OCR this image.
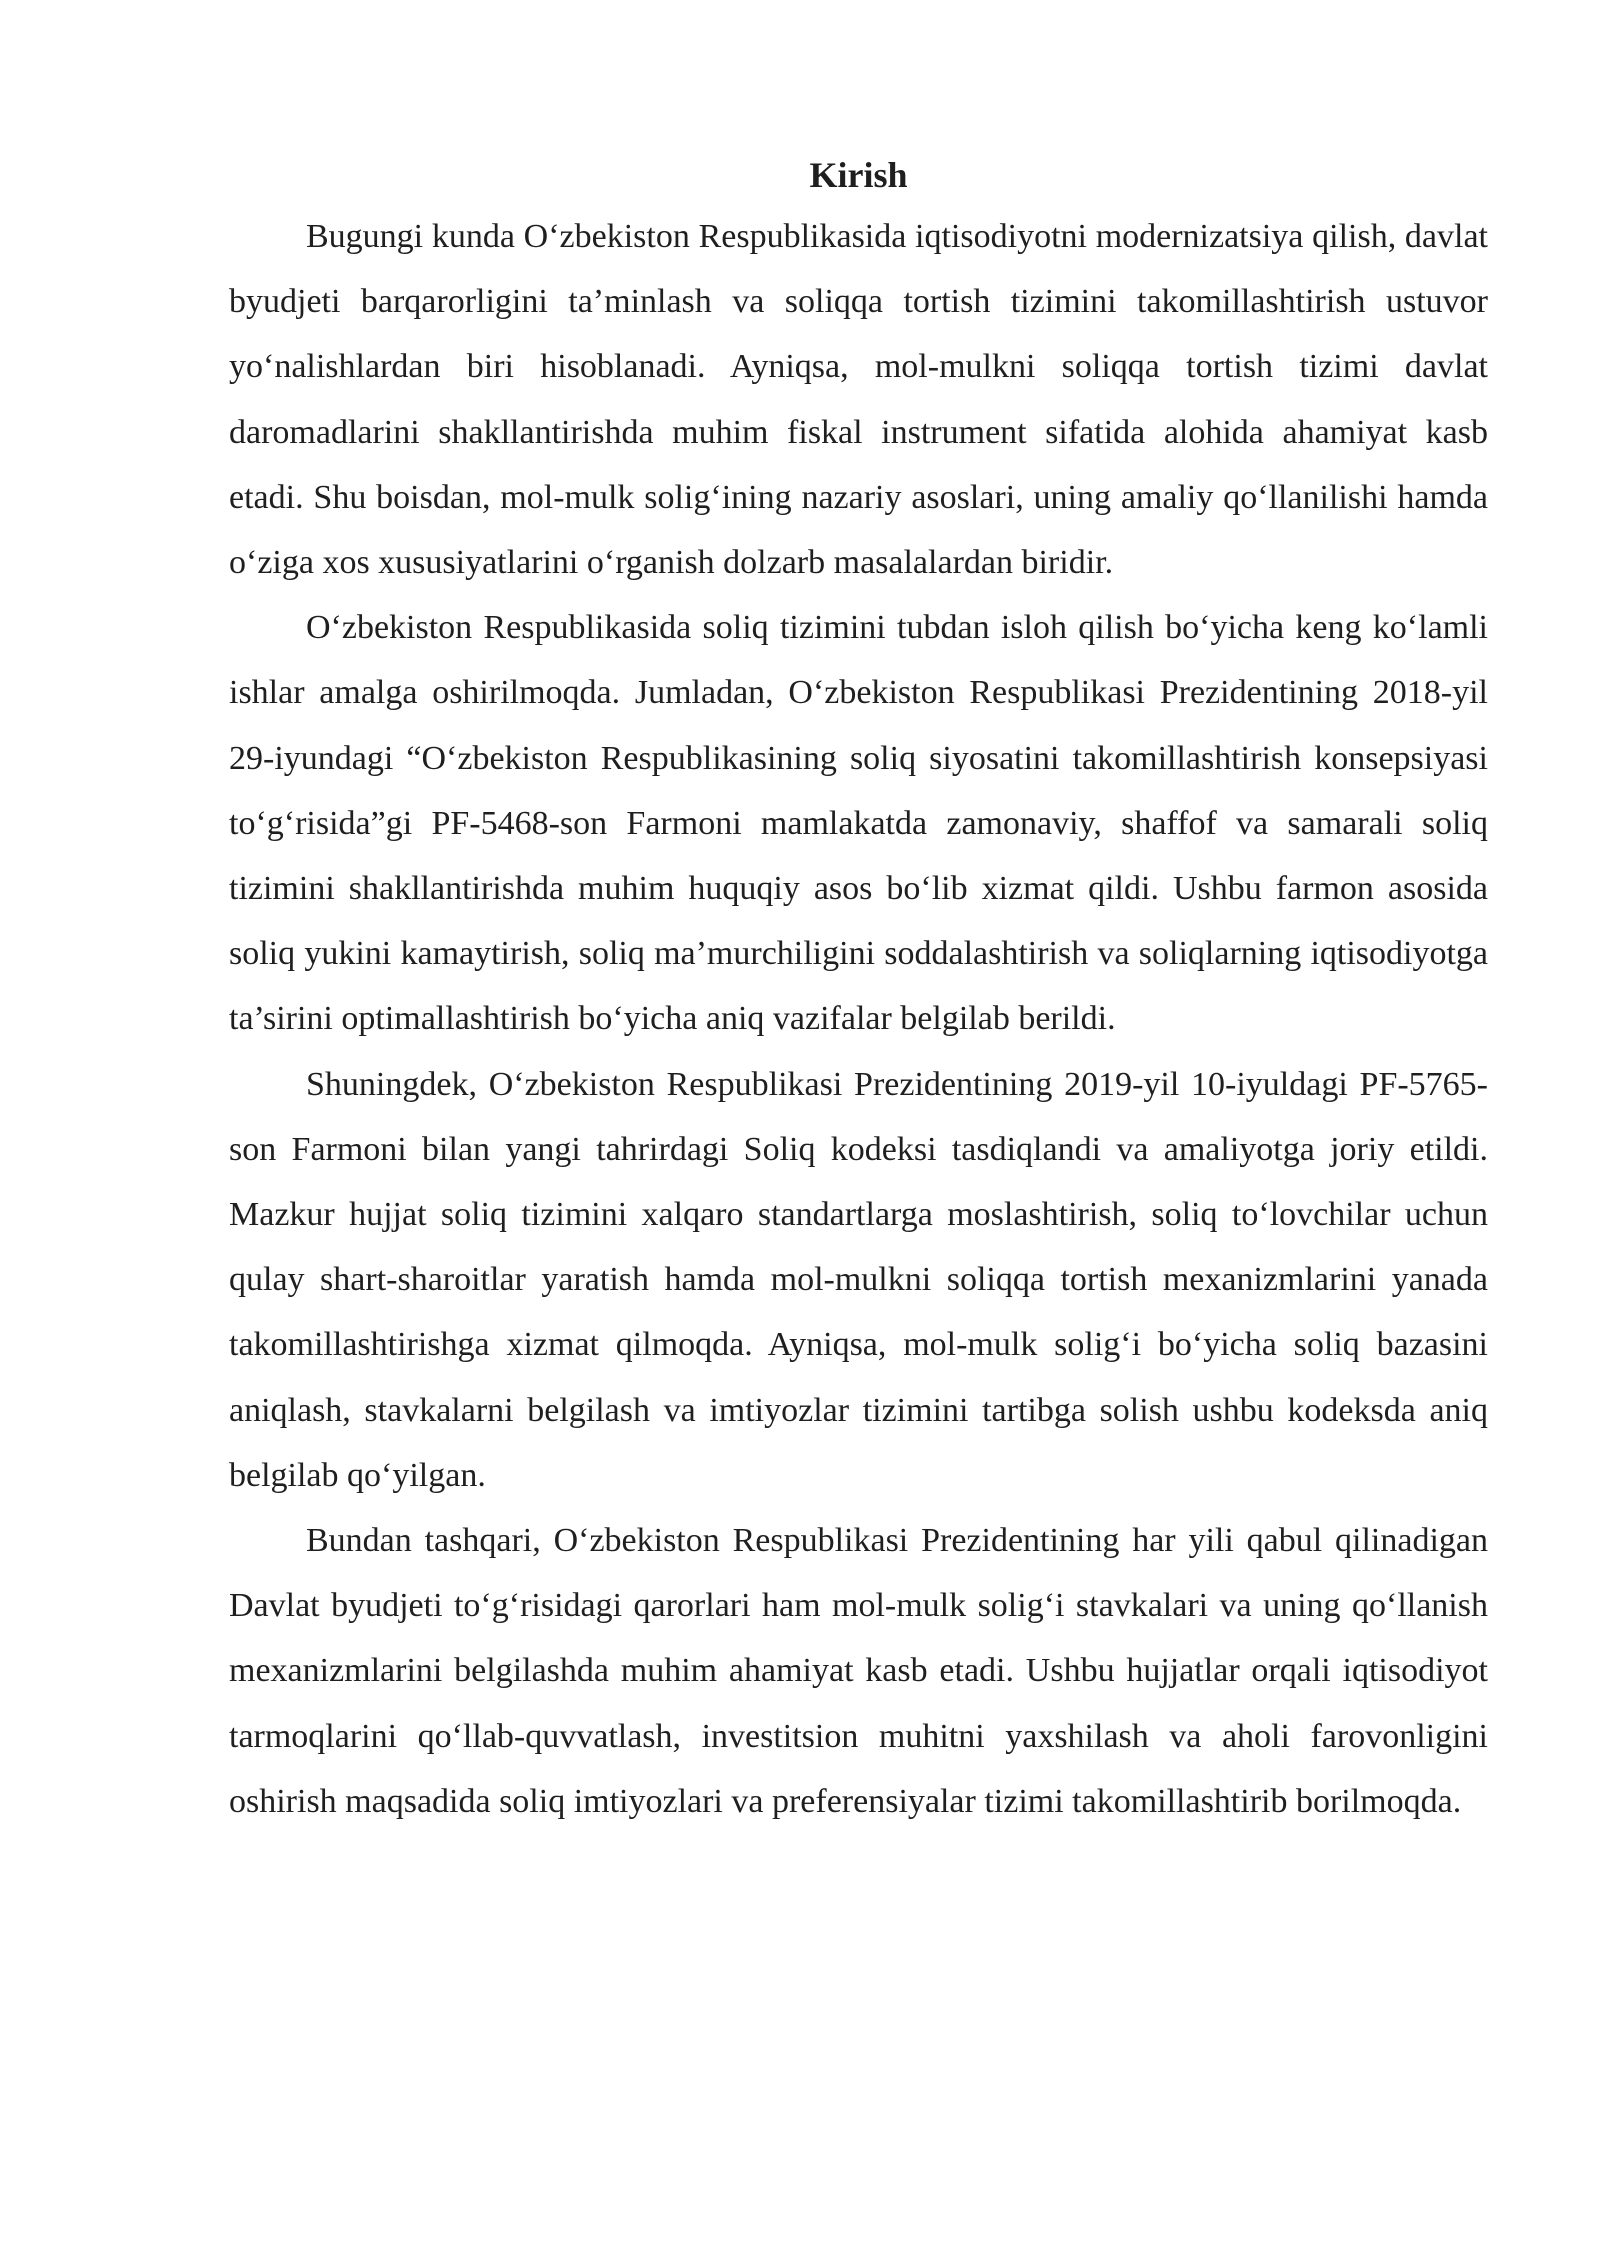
Kirish

Bugungi kunda O‘zbekiston Respublikasida iqtisodiyotni modernizatsiya qilish, davlat byudjeti barqarorligini ta’minlash va soliqqa tortish tizimini takomillashtirish ustuvor yo‘nalishlardan biri hisoblanadi. Ayniqsa, mol-mulkni soliqqa tortish tizimi davlat daromadlarini shakllantirishda muhim fiskal instrument sifatida alohida ahamiyat kasb etadi. Shu boisdan, mol-mulk solig‘ining nazariy asoslari, uning amaliy qo‘llanilishi hamda o‘ziga xos xususiyatlarini o‘rganish dolzarb masalalardan biridir.

O‘zbekiston Respublikasida soliq tizimini tubdan isloh qilish bo‘yicha keng ko‘lamli ishlar amalga oshirilmoqda. Jumladan, O‘zbekiston Respublikasi Prezidentining 2018-yil 29-iyundagi “O‘zbekiston Respublikasining soliq siyosatini takomillashtirish konsepsiyasi to‘g‘risida”gi PF-5468-son Farmoni mamlakatda zamonaviy, shaffof va samarali soliq tizimini shakllantirishda muhim huquqiy asos bo‘lib xizmat qildi. Ushbu farmon asosida soliq yukini kamaytirish, soliq ma’murchiligini soddalashtirish va soliqlarning iqtisodiyotga ta’sirini optimallashtirish bo‘yicha aniq vazifalar belgilab berildi.

Shuningdek, O‘zbekiston Respublikasi Prezidentining 2019-yil 10-iyuldagi PF-5765-son Farmoni bilan yangi tahrirdagi Soliq kodeksi tasdiqlandi va amaliyotga joriy etildi. Mazkur hujjat soliq tizimini xalqaro standartlarga moslashtirish, soliq to‘lovchilar uchun qulay shart-sharoitlar yaratish hamda mol-mulkni soliqqa tortish mexanizmlarini yanada takomillashtirishga xizmat qilmoqda. Ayniqsa, mol-mulk solig‘i bo‘yicha soliq bazasini aniqlash, stavkalarni belgilash va imtiyozlar tizimini tartibga solish ushbu kodeksda aniq belgilab qo‘yilgan.

Bundan tashqari, O‘zbekiston Respublikasi Prezidentining har yili qabul qilinadigan Davlat byudjeti to‘g‘risidagi qarorlari ham mol-mulk solig‘i stavkalari va uning qo‘llanish mexanizmlarini belgilashda muhim ahamiyat kasb etadi. Ushbu hujjatlar orqali iqtisodiyot tarmoqlarini qo‘llab-quvvatlash, investitsion muhitni yaxshilash va aholi farovonligini oshirish maqsadida soliq imtiyozlari va preferensiyalar tizimi takomillashtirib borilmoqda.
